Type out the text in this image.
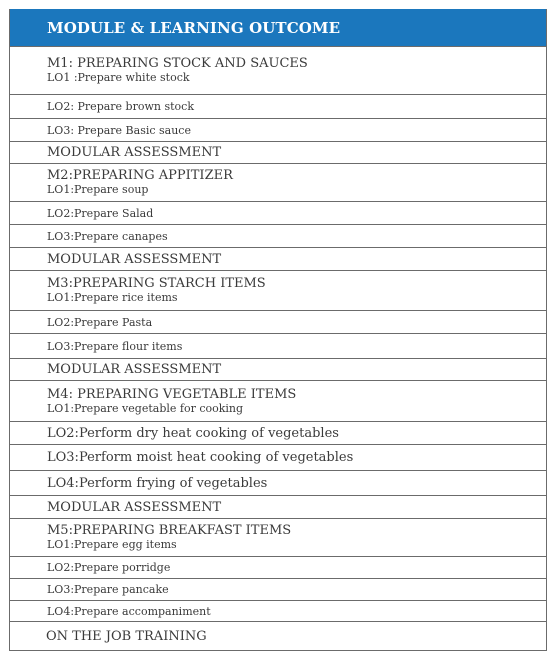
MODULE & LEARNING OUTCOME
M1: PREPARING STOCK AND SAUCES
LO1 :Prepare white stock
LO2: Prepare brown stock
LO3: Prepare Basic sauce
MODULAR ASSESSMENT
M2:PREPARING APPITIZER
LO1:Prepare soup
LO2:Prepare Salad
LO3:Prepare canapes
MODULAR ASSESSMENT
M3:PREPARING STARCH ITEMS
LO1:Prepare rice items
LO2:Prepare Pasta
LO3:Prepare flour items
MODULAR ASSESSMENT
M4: PREPARING VEGETABLE ITEMS
LO1:Prepare vegetable for cooking
LO2:Perform dry heat cooking of vegetables
LO3:Perform moist heat cooking of vegetables
LO4:Perform frying of vegetables
MODULAR ASSESSMENT
M5:PREPARING BREAKFAST ITEMS
LO1:Prepare egg items
LO2:Prepare porridge
LO3:Prepare pancake
LO4:Prepare accompaniment
ON THE JOB TRAINING
